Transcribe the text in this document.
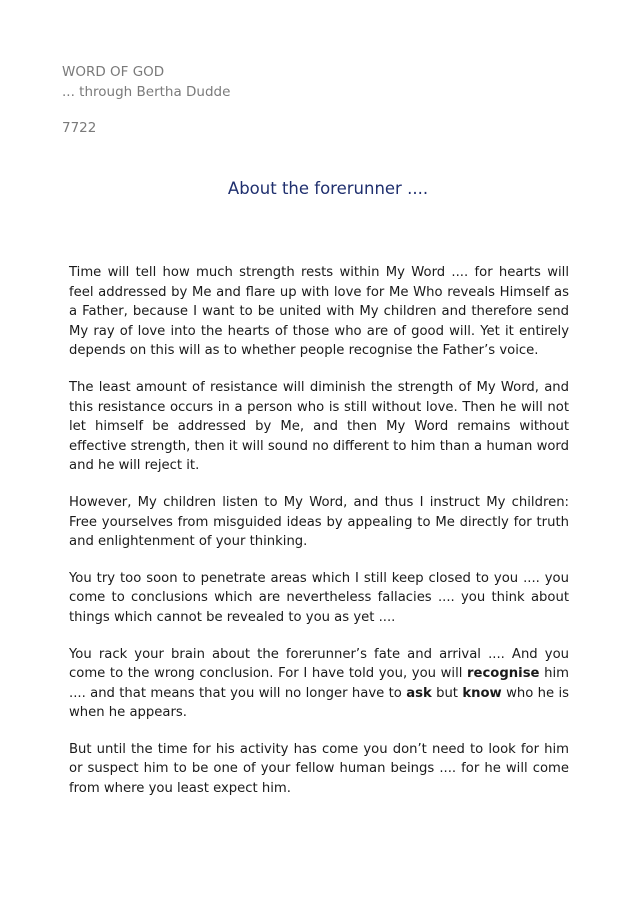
WORD OF GOD
... through Bertha Dudde
7722
About the forerunner ....

Time will tell how much strength rests within My Word .... for hearts will feel addressed by Me and flare up with love for Me Who reveals Himself as a Father, because I want to be united with My children and therefore send My ray of love into the hearts of those who are of good will. Yet it entirely depends on this will as to whether people recognise the Father’s voice.

The least amount of resistance will diminish the strength of My Word, and this resistance occurs in a person who is still without love. Then he will not let himself be addressed by Me, and then My Word remains without effective strength, then it will sound no different to him than a human word and he will reject it.

However, My children listen to My Word, and thus I instruct My children: Free yourselves from misguided ideas by appealing to Me directly for truth and enlightenment of your thinking.

You try too soon to penetrate areas which I still keep closed to you .... you come to conclusions which are nevertheless fallacies .... you think about things which cannot be revealed to you as yet ....

You rack your brain about the forerunner’s fate and arrival .... And you come to the wrong conclusion. For I have told you, you will recognise him .... and that means that you will no longer have to ask but know who he is when he appears.

But until the time for his activity has come you don’t need to look for him or suspect him to be one of your fellow human beings .... for he will come from where you least expect him.
